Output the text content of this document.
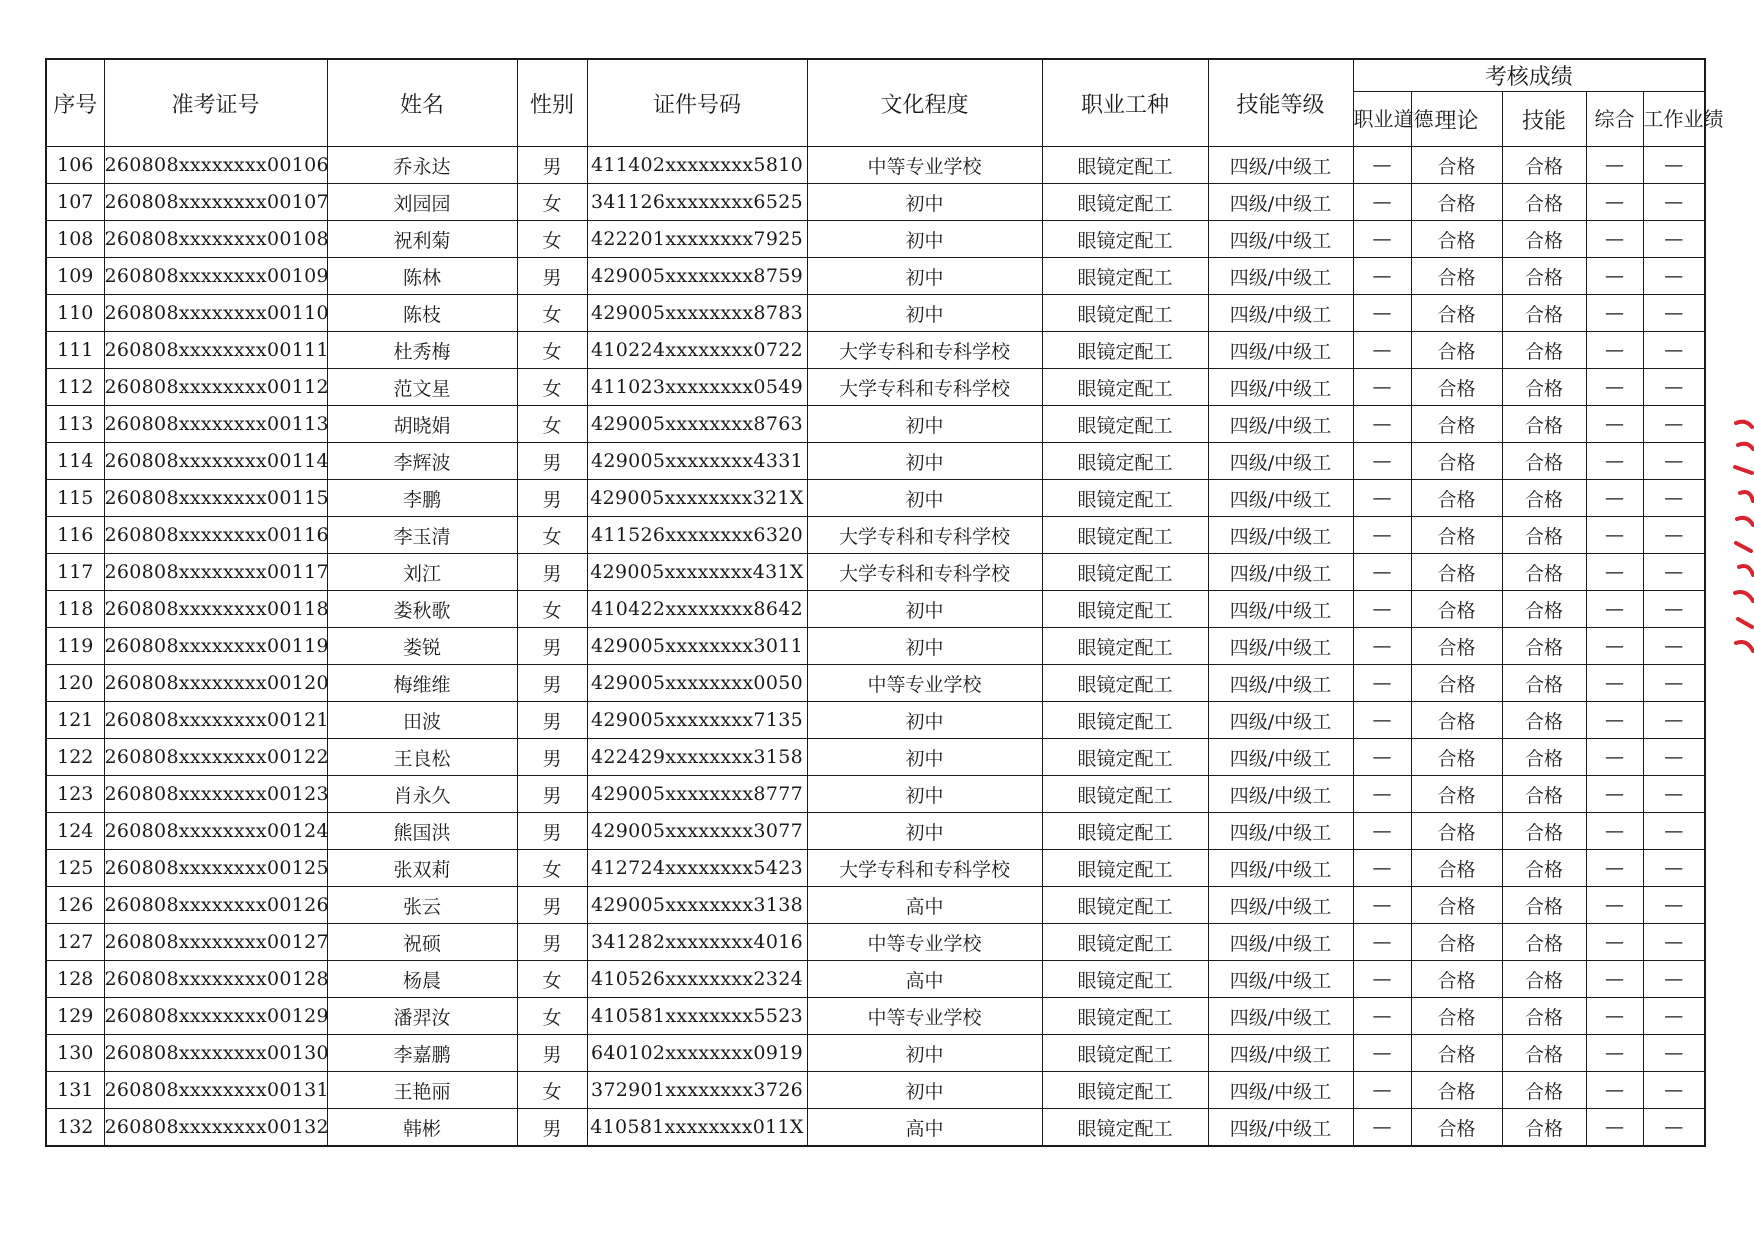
序号	准考证号	姓名	性别	证件号码	文化程度	职业工种	技能等级	考核成绩				
								职业道德	理论	技能	综合	工作业绩
106	260808xxxxxxxx00106	乔永达	男	411402xxxxxxxx5810	中等专业学校	眼镜定配工	四级/中级工	—	合格	合格	—	—
107	260808xxxxxxxx00107	刘园园	女	341126xxxxxxxx6525	初中	眼镜定配工	四级/中级工	—	合格	合格	—	—
108	260808xxxxxxxx00108	祝利菊	女	422201xxxxxxxx7925	初中	眼镜定配工	四级/中级工	—	合格	合格	—	—
109	260808xxxxxxxx00109	陈林	男	429005xxxxxxxx8759	初中	眼镜定配工	四级/中级工	—	合格	合格	—	—
110	260808xxxxxxxx00110	陈枝	女	429005xxxxxxxx8783	初中	眼镜定配工	四级/中级工	—	合格	合格	—	—
111	260808xxxxxxxx00111	杜秀梅	女	410224xxxxxxxx0722	大学专科和专科学校	眼镜定配工	四级/中级工	—	合格	合格	—	—
112	260808xxxxxxxx00112	范文星	女	411023xxxxxxxx0549	大学专科和专科学校	眼镜定配工	四级/中级工	—	合格	合格	—	—
113	260808xxxxxxxx00113	胡晓娟	女	429005xxxxxxxx8763	初中	眼镜定配工	四级/中级工	—	合格	合格	—	—
114	260808xxxxxxxx00114	李辉波	男	429005xxxxxxxx4331	初中	眼镜定配工	四级/中级工	—	合格	合格	—	—
115	260808xxxxxxxx00115	李鹏	男	429005xxxxxxxx321X	初中	眼镜定配工	四级/中级工	—	合格	合格	—	—
116	260808xxxxxxxx00116	李玉清	女	411526xxxxxxxx6320	大学专科和专科学校	眼镜定配工	四级/中级工	—	合格	合格	—	—
117	260808xxxxxxxx00117	刘江	男	429005xxxxxxxx431X	大学专科和专科学校	眼镜定配工	四级/中级工	—	合格	合格	—	—
118	260808xxxxxxxx00118	娄秋歌	女	410422xxxxxxxx8642	初中	眼镜定配工	四级/中级工	—	合格	合格	—	—
119	260808xxxxxxxx00119	娄锐	男	429005xxxxxxxx3011	初中	眼镜定配工	四级/中级工	—	合格	合格	—	—
120	260808xxxxxxxx00120	梅维维	男	429005xxxxxxxx0050	中等专业学校	眼镜定配工	四级/中级工	—	合格	合格	—	—
121	260808xxxxxxxx00121	田波	男	429005xxxxxxxx7135	初中	眼镜定配工	四级/中级工	—	合格	合格	—	—
122	260808xxxxxxxx00122	王良松	男	422429xxxxxxxx3158	初中	眼镜定配工	四级/中级工	—	合格	合格	—	—
123	260808xxxxxxxx00123	肖永久	男	429005xxxxxxxx8777	初中	眼镜定配工	四级/中级工	—	合格	合格	—	—
124	260808xxxxxxxx00124	熊国洪	男	429005xxxxxxxx3077	初中	眼镜定配工	四级/中级工	—	合格	合格	—	—
125	260808xxxxxxxx00125	张双莉	女	412724xxxxxxxx5423	大学专科和专科学校	眼镜定配工	四级/中级工	—	合格	合格	—	—
126	260808xxxxxxxx00126	张云	男	429005xxxxxxxx3138	高中	眼镜定配工	四级/中级工	—	合格	合格	—	—
127	260808xxxxxxxx00127	祝硕	男	341282xxxxxxxx4016	中等专业学校	眼镜定配工	四级/中级工	—	合格	合格	—	—
128	260808xxxxxxxx00128	杨晨	女	410526xxxxxxxx2324	高中	眼镜定配工	四级/中级工	—	合格	合格	—	—
129	260808xxxxxxxx00129	潘羿汝	女	410581xxxxxxxx5523	中等专业学校	眼镜定配工	四级/中级工	—	合格	合格	—	—
130	260808xxxxxxxx00130	李嘉鹏	男	640102xxxxxxxx0919	初中	眼镜定配工	四级/中级工	—	合格	合格	—	—
131	260808xxxxxxxx00131	王艳丽	女	372901xxxxxxxx3726	初中	眼镜定配工	四级/中级工	—	合格	合格	—	—
132	260808xxxxxxxx00132	韩彬	男	410581xxxxxxxx011X	高中	眼镜定配工	四级/中级工	—	合格	合格	—	—
